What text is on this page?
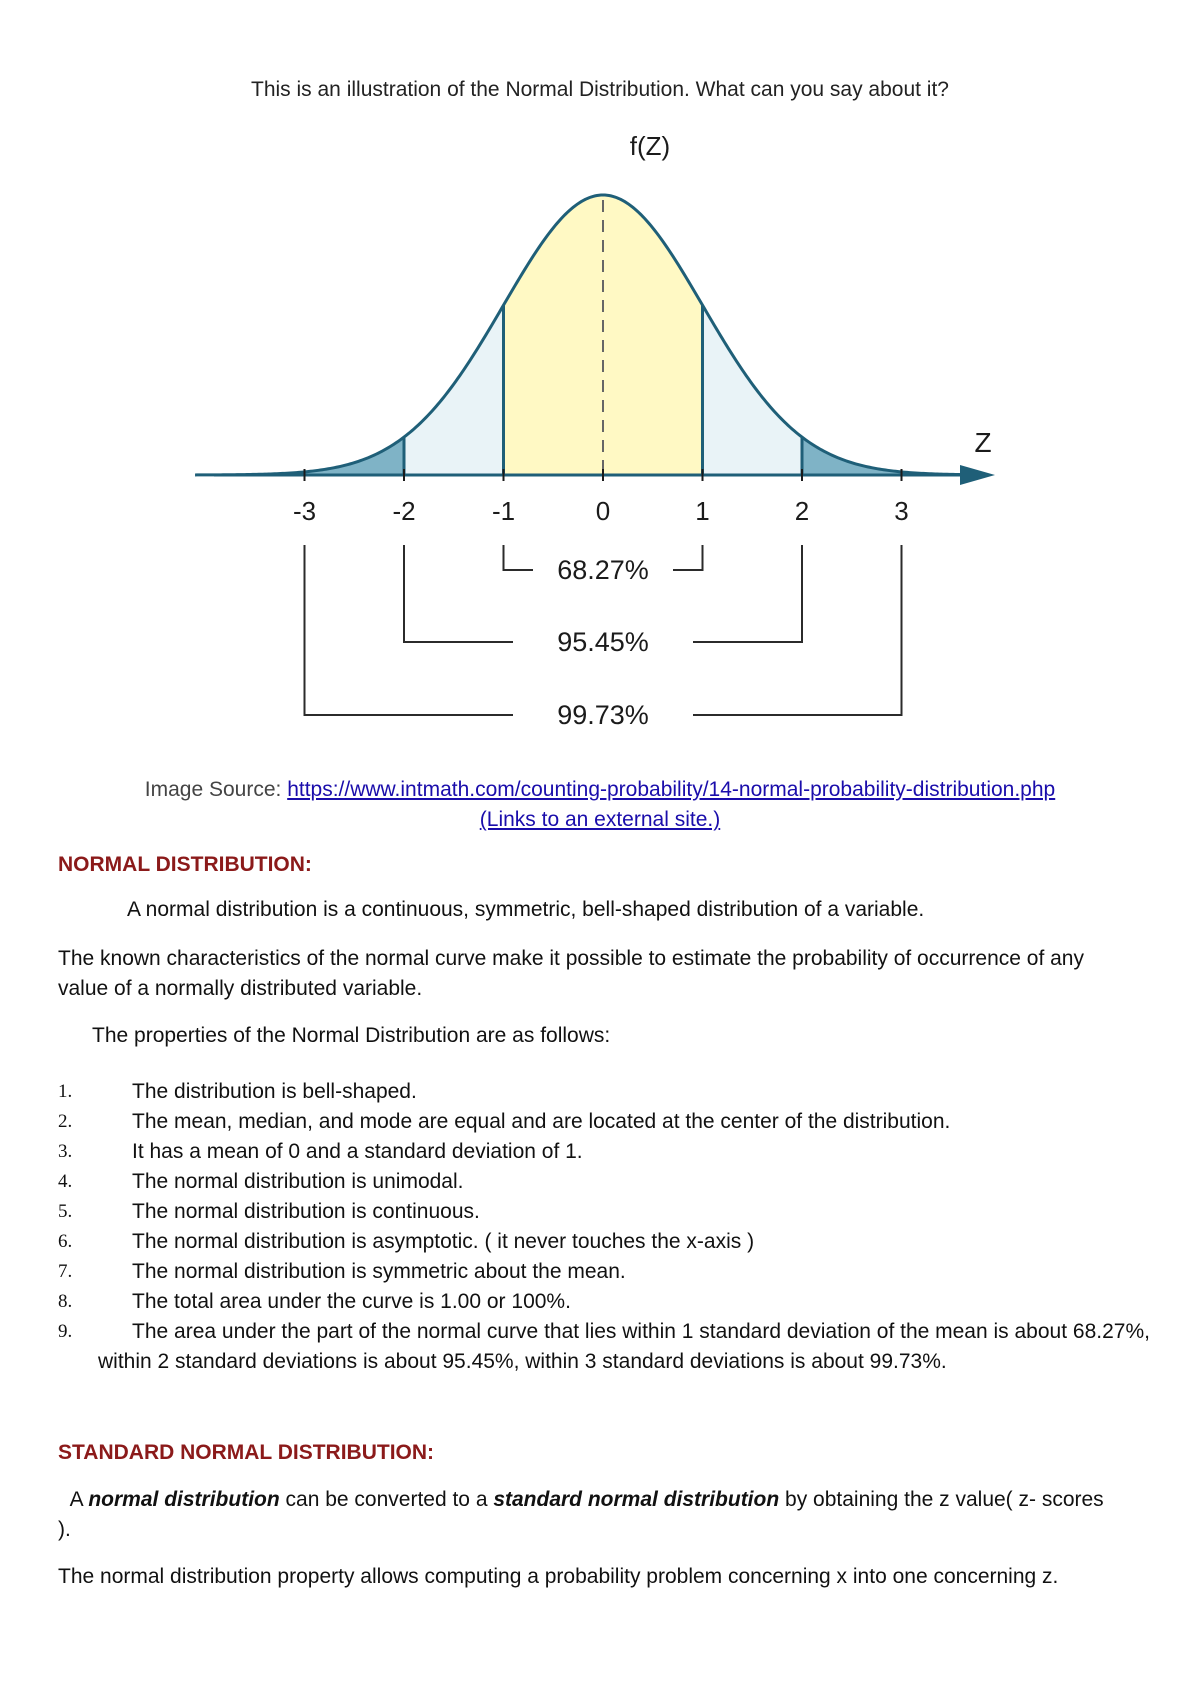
This is an illustration of the Normal Distribution. What can you say about it?
f(Z)
Z
-3	-2	-1	0	1	2	3
68.27%
95.45%
99.73%
Image Source: https://www.intmath.com/counting-probability/14-normal-probability-distribution.php
(Links to an external site.)
NORMAL DISTRIBUTION:
A normal distribution is a continuous, symmetric, bell-shaped distribution of a variable.
The known characteristics of the normal curve make it possible to estimate the probability of occurrence of any value of a normally distributed variable.
The properties of the Normal Distribution are as follows:
1.	The distribution is bell-shaped.
2.	The mean, median, and mode are equal and are located at the center of the distribution.
3.	It has a mean of 0 and a standard deviation of 1.
4.	The normal distribution is unimodal.
5.	The normal distribution is continuous.
6.	The normal distribution is asymptotic. ( it never touches the x-axis )
7.	The normal distribution is symmetric about the mean.
8.	The total area under the curve is 1.00 or 100%.
9.	The area under the part of the normal curve that lies within 1 standard deviation of the mean is about 68.27%, within 2 standard deviations is about 95.45%, within 3 standard deviations is about 99.73%.
STANDARD NORMAL DISTRIBUTION:
A normal distribution can be converted to a standard normal distribution by obtaining the z value( z- scores ).
The normal distribution property allows computing a probability problem concerning x into one concerning z.
